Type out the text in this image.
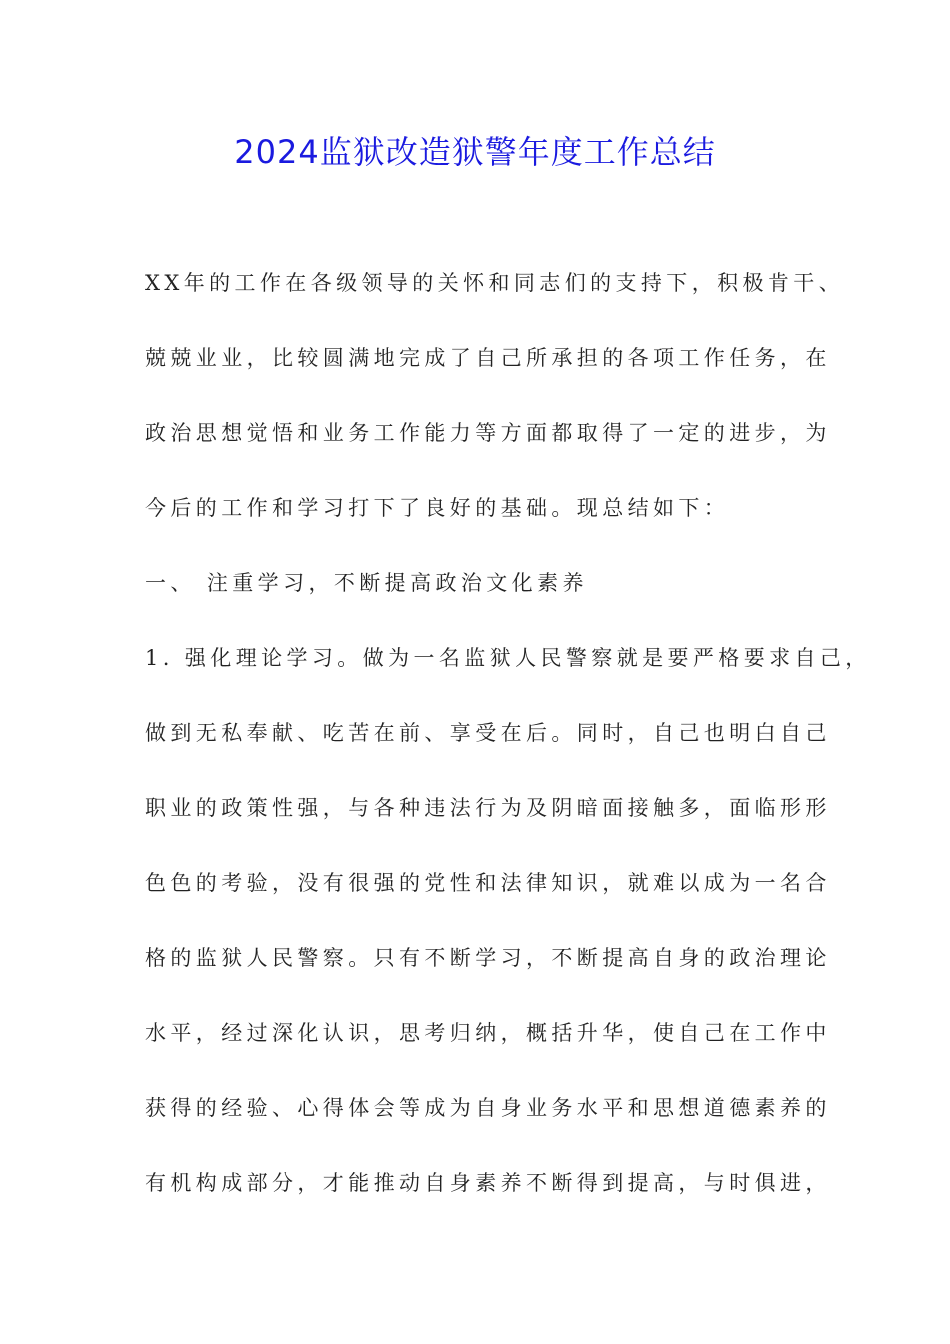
2024监狱改造狱警年度工作总结
XX年的工作在各级领导的关怀和同志们的支持下，积极肯干、
兢兢业业，比较圆满地完成了自己所承担的各项工作任务，在
政治思想觉悟和业务工作能力等方面都取得了一定的进步，为
今后的工作和学习打下了良好的基础。现总结如下：
一、 注重学习，不断提高政治文化素养
1. 强化理论学习。做为一名监狱人民警察就是要严格要求自己，
做到无私奉献、吃苦在前、享受在后。同时，自己也明白自己
职业的政策性强，与各种违法行为及阴暗面接触多，面临形形
色色的考验，没有很强的党性和法律知识，就难以成为一名合
格的监狱人民警察。只有不断学习，不断提高自身的政治理论
水平，经过深化认识，思考归纳，概括升华，使自己在工作中
获得的经验、心得体会等成为自身业务水平和思想道德素养的
有机构成部分，才能推动自身素养不断得到提高，与时俱进，
